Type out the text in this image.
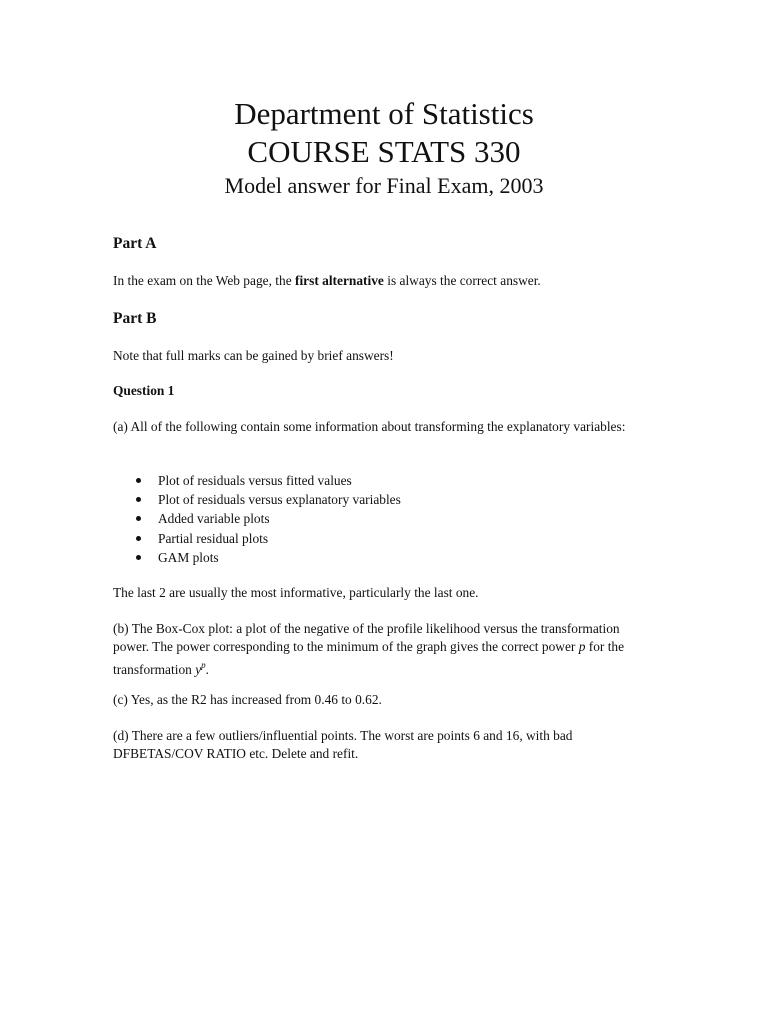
Department of Statistics
COURSE STATS 330
Model answer for Final Exam, 2003
Part A
In the exam on the Web page, the first alternative is always the correct answer.
Part B
Note that full marks can be gained by brief answers!
Question 1
(a) All of the following contain some information about transforming the explanatory variables:
Plot of residuals versus fitted values
Plot of residuals versus explanatory variables
Added variable plots
Partial residual plots
GAM plots
The last 2 are usually the most informative, particularly the last one.
(b) The Box-Cox plot: a plot of the negative of the profile likelihood versus the transformation power. The power corresponding to the minimum of the graph gives the correct power p for the transformation $y^p$.
(c) Yes, as the R2 has increased from 0.46 to 0.62.
(d) There are a few outliers/influential points. The worst are points 6 and 16, with bad DFBETAS/COV RATIO etc. Delete and refit.
